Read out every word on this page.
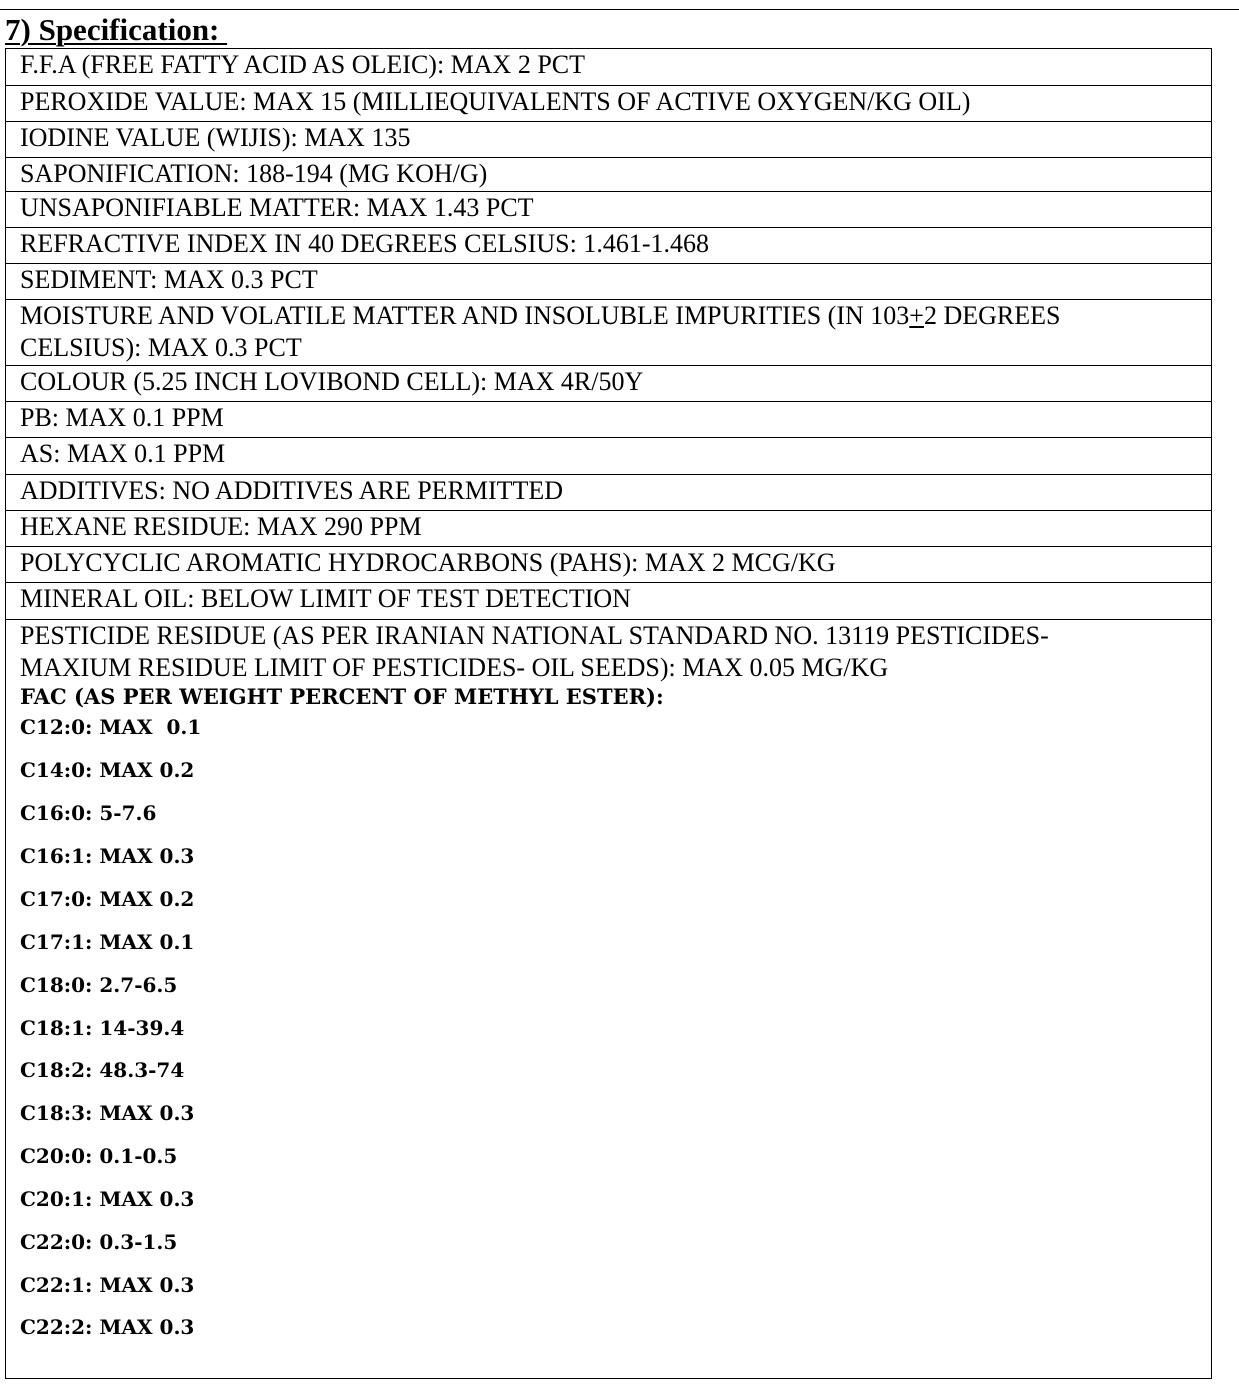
7) Specification:
F.F.A (FREE FATTY ACID AS OLEIC): MAX 2 PCT
PEROXIDE VALUE: MAX 15 (MILLIEQUIVALENTS OF ACTIVE OXYGEN/KG OIL)
IODINE VALUE (WIJIS): MAX 135
SAPONIFICATION: 188-194 (MG KOH/G)
UNSAPONIFIABLE MATTER: MAX 1.43 PCT
REFRACTIVE INDEX IN 40 DEGREES CELSIUS: 1.461-1.468
SEDIMENT: MAX 0.3 PCT
MOISTURE AND VOLATILE MATTER AND INSOLUBLE IMPURITIES (IN 103+2 DEGREES
CELSIUS): MAX 0.3 PCT
COLOUR (5.25 INCH LOVIBOND CELL): MAX 4R/50Y
PB: MAX 0.1 PPM
AS: MAX 0.1 PPM
ADDITIVES: NO ADDITIVES ARE PERMITTED
HEXANE RESIDUE: MAX 290 PPM
POLYCYCLIC AROMATIC HYDROCARBONS (PAHS): MAX 2 MCG/KG
MINERAL OIL: BELOW LIMIT OF TEST DETECTION
PESTICIDE RESIDUE (AS PER IRANIAN NATIONAL STANDARD NO. 13119 PESTICIDES-
MAXIUM RESIDUE LIMIT OF PESTICIDES- OIL SEEDS): MAX 0.05 MG/KG
FAC (AS PER WEIGHT PERCENT OF METHYL ESTER):
C12:0: MAX  0.1
C14:0: MAX 0.2
C16:0: 5-7.6
C16:1: MAX 0.3
C17:0: MAX 0.2
C17:1: MAX 0.1
C18:0: 2.7-6.5
C18:1: 14-39.4
C18:2: 48.3-74
C18:3: MAX 0.3
C20:0: 0.1-0.5
C20:1: MAX 0.3
C22:0: 0.3-1.5
C22:1: MAX 0.3
C22:2: MAX 0.3
